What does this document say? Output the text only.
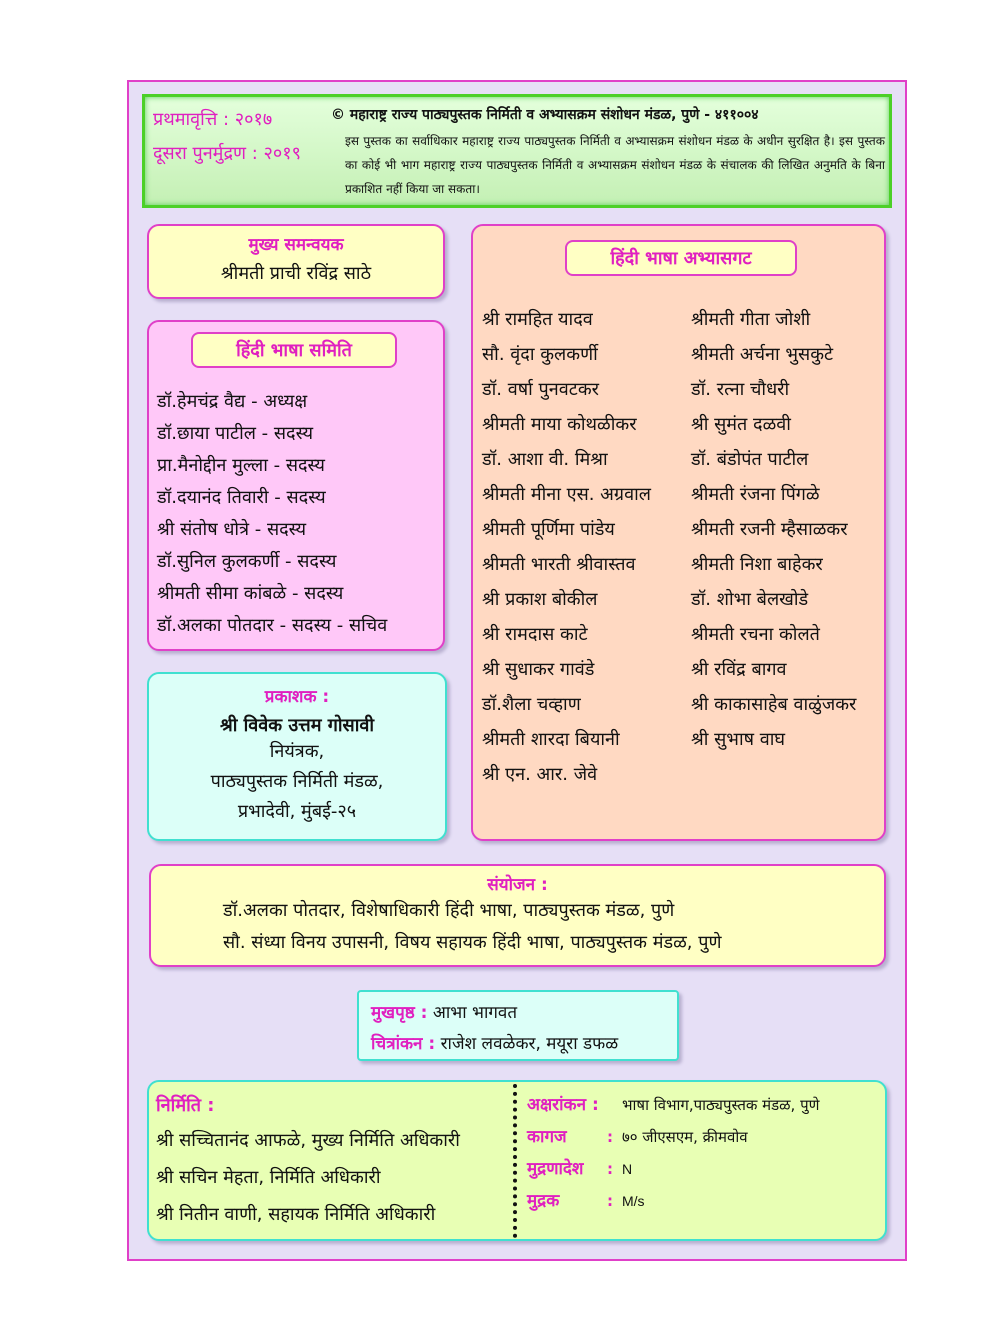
प्रथमावृत्ति : २०१७
दूसरा पुनर्मुद्रण : २०१९
© महाराष्ट्र राज्य पाठ्यपुस्तक निर्मिती व अभ्यासक्रम संशोधन मंडळ, पुणे - ४११००४
इस पुस्तक का सर्वाधिकार महाराष्ट्र राज्य पाठ्यपुस्तक निर्मिती व अभ्यासक्रम संशोधन मंडळ के अधीन सुरक्षित है। इस पुस्तक का कोई भी भाग महाराष्ट्र राज्य पाठ्यपुस्तक निर्मिती व अभ्यासक्रम संशोधन मंडळ के संचालक की लिखित अनुमति के बिना प्रकाशित नहीं किया जा सकता।
मुख्य समन्वयक
श्रीमती प्राची रविंद्र साठे
हिंदी भाषा समिति
डॉ.हेमचंद्र वैद्य - अध्यक्ष
डॉ.छाया पाटील - सदस्य
प्रा.मैनोद्दीन मुल्ला - सदस्य
डॉ.दयानंद तिवारी - सदस्य
श्री संतोष धोत्रे - सदस्य
डॉ.सुनिल कुलकर्णी - सदस्य
श्रीमती सीमा कांबळे - सदस्य
डॉ.अलका पोतदार - सदस्य - सचिव
प्रकाशक :
श्री विवेक उत्तम गोसावी
नियंत्रक,
पाठ्यपुस्तक निर्मिती मंडळ,
प्रभादेवी, मुंबई-२५
हिंदी भाषा अभ्यासगट
श्री रामहित यादव
सौ. वृंदा कुलकर्णी
डॉ. वर्षा पुनवटकर
श्रीमती माया कोथळीकर
डॉ. आशा वी. मिश्रा
श्रीमती मीना एस. अग्रवाल
श्रीमती पूर्णिमा पांडेय
श्रीमती भारती श्रीवास्तव
श्री प्रकाश बोकील
श्री रामदास काटे
श्री सुधाकर गावंडे
डॉ.शैला चव्हाण
श्रीमती शारदा बियानी
श्री एन. आर. जेवे
श्रीमती गीता जोशी
श्रीमती अर्चना भुसकुटे
डॉ. रत्ना चौधरी
श्री सुमंत दळवी
डॉ. बंडोपंत पाटील
श्रीमती रंजना पिंगळे
श्रीमती रजनी म्हैसाळकर
श्रीमती निशा बाहेकर
डॉ. शोभा बेलखोडे
श्रीमती रचना कोलते
श्री रविंद्र बागव
श्री काकासाहेब वाळुंजकर
श्री सुभाष वाघ
संयोजन :
डॉ.अलका पोतदार, विशेषाधिकारी हिंदी भाषा, पाठ्यपुस्तक मंडळ, पुणे
सौ. संध्या विनय उपासनी, विषय सहायक हिंदी भाषा, पाठ्यपुस्तक मंडळ, पुणे
मुखपृष्ठ : आभा भागवत
चित्रांकन : राजेश लवळेकर, मयूरा डफळ
निर्मिति :
श्री सच्चितानंद आफळे, मुख्य निर्मिति अधिकारी
श्री सचिन मेहता, निर्मिति अधिकारी
श्री नितीन वाणी, सहायक निर्मिति अधिकारी
अक्षरांकन : भाषा विभाग,पाठ्यपुस्तक मंडळ, पुणे
कागज	: ७० जीएसएम, क्रीमवोव
मुद्रणादेश : N
मुद्रक	: M/s
